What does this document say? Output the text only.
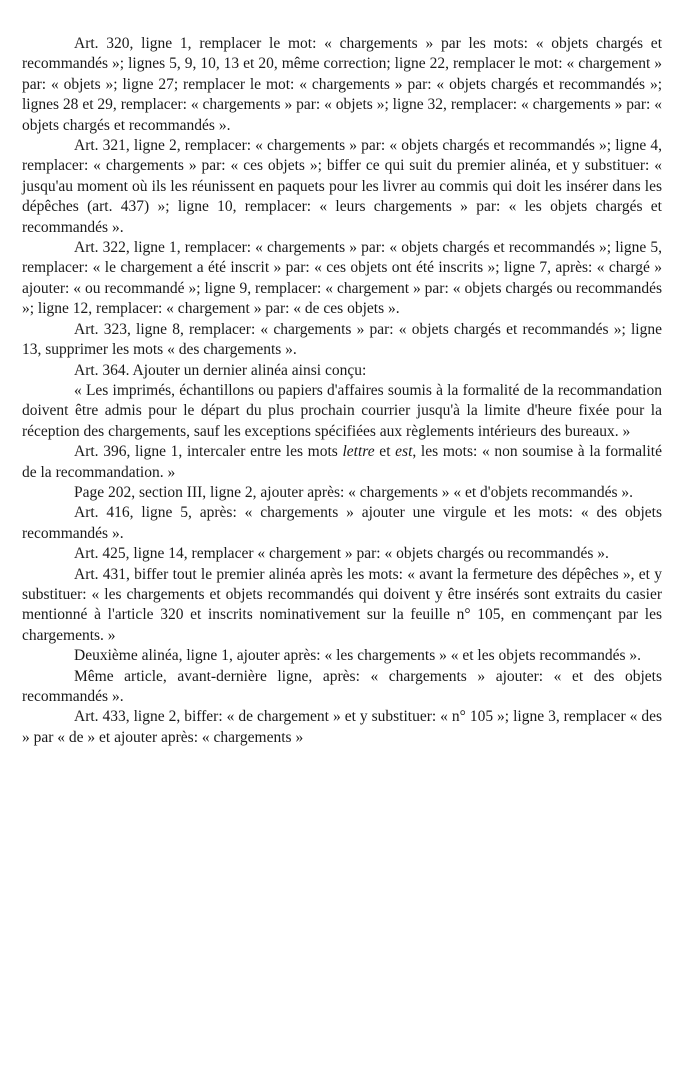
Art. 320, ligne 1, remplacer le mot: « chargements » par les mots: « objets chargés et recommandés »; lignes 5, 9, 10, 13 et 20, même correction; ligne 22, remplacer le mot: « chargement » par: « objets »; ligne 27; remplacer le mot: « chargements » par: « objets chargés et recommandés »; lignes 28 et 29, remplacer: « chargements » par: « objets »; ligne 32, remplacer: « chargements » par: « objets chargés et recommandés ».

Art. 321, ligne 2, remplacer: « chargements » par: « objets chargés et recommandés »; ligne 4, remplacer: « chargements » par: « ces objets »; biffer ce qui suit du premier alinéa, et y substituer: « jusqu'au moment où ils les réunissent en paquets pour les livrer au commis qui doit les insérer dans les dépêches (art. 437) »; ligne 10, remplacer: « leurs chargements » par: « les objets chargés et recommandés ».

Art. 322, ligne 1, remplacer: « chargements » par: « objets chargés et recommandés »; ligne 5, remplacer: « le chargement a été inscrit » par: « ces objets ont été inscrits »; ligne 7, après: « chargé » ajouter: « ou recommandé »; ligne 9, remplacer: « chargement » par: « objets chargés ou recommandés »; ligne 12, remplacer: « chargement » par: « de ces objets ».

Art. 323, ligne 8, remplacer: « chargements » par: « objets chargés et recommandés »; ligne 13, supprimer les mots « des chargements ».

Art. 364. Ajouter un dernier alinéa ainsi conçu:

« Les imprimés, échantillons ou papiers d'affaires soumis à la formalité de la recommandation doivent être admis pour le départ du plus prochain courrier jusqu'à la limite d'heure fixée pour la réception des chargements, sauf les exceptions spécifiées aux règlements intérieurs des bureaux. »

Art. 396, ligne 1, intercaler entre les mots lettre et est, les mots: « non soumise à la formalité de la recommandation. »

Page 202, section III, ligne 2, ajouter après: « chargements » « et d'objets recommandés ».

Art. 416, ligne 5, après: « chargements » ajouter une virgule et les mots: « des objets recommandés ».

Art. 425, ligne 14, remplacer « chargement » par: « objets chargés ou recommandés ».

Art. 431, biffer tout le premier alinéa après les mots: « avant la fermeture des dépêches », et y substituer: « les chargements et objets recommandés qui doivent y être insérés sont extraits du casier mentionné à l'article 320 et inscrits nominativement sur la feuille n° 105, en commençant par les chargements. »

Deuxième alinéa, ligne 1, ajouter après: « les chargements » « et les objets recommandés ».

Même article, avant-dernière ligne, après: « chargements » ajouter: « et des objets recommandés ».

Art. 433, ligne 2, biffer: « de chargement » et y substituer: « n° 105 »; ligne 3, remplacer « des » par « de » et ajouter après: « chargements »
